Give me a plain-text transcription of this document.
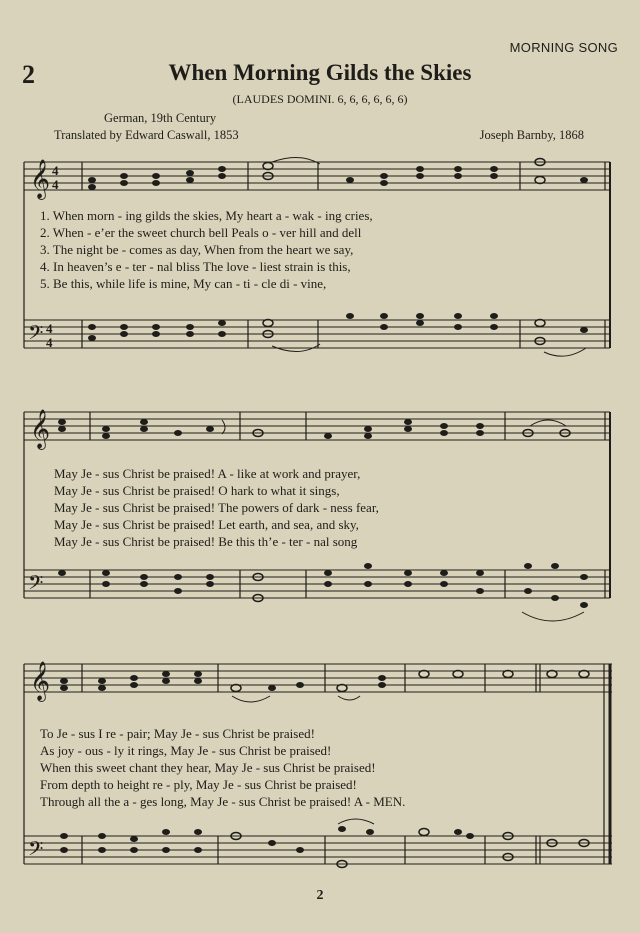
2
MORNING SONG
When Morning Gilds the Skies
(LAUDES DOMINI. 6, 6, 6, 6, 6, 6)
German, 19th Century
Translated by Edward Caswall, 1853	Joseph Barnby, 1868
𝄞
𝄢
4
4
4
4
1. When morn - ing gilds the skies, My heart a - wak - ing cries,
2. When - e’er the sweet church bell Peals o - ver hill and dell
3. The night be - comes as day, When from the heart we say,
4. In heaven’s e - ter - nal bliss The love - liest strain is this,
5. Be this, while life is mine, My can - ti - cle di - vine,
𝄞
𝄢
May Je - sus Christ be praised! A - like at work and prayer,
May Je - sus Christ be praised! O hark to what it sings,
May Je - sus Christ be praised! The powers of dark - ness fear,
May Je - sus Christ be praised! Let earth, and sea, and sky,
May Je - sus Christ be praised! Be this th’e - ter - nal song
𝄞
𝄢
To Je - sus I re - pair; May Je - sus Christ be praised!
As joy - ous - ly it rings, May Je - sus Christ be praised!
When this sweet chant they hear, May Je - sus Christ be praised!
From depth to height re - ply, May Je - sus Christ be praised!
Through all the a - ges long, May Je - sus Christ be praised! A - MEN.
2
